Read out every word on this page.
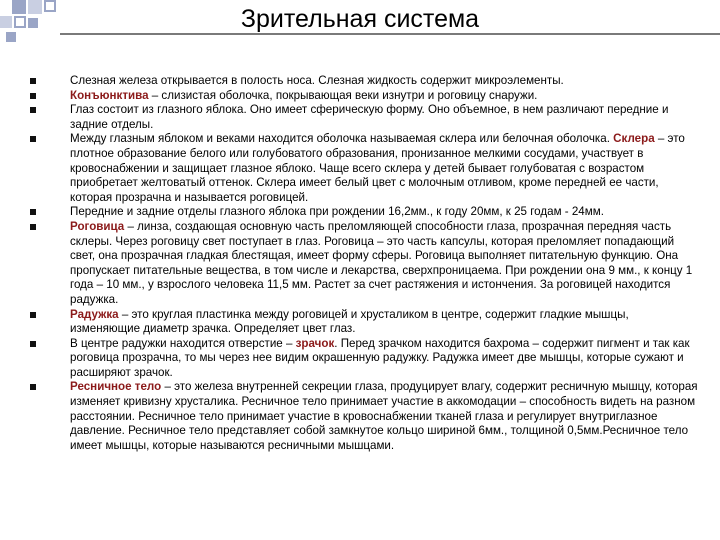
Зрительная система
Слезная железа открывается в полость носа. Слезная жидкость содержит микроэлементы.
Конъюнктива – слизистая оболочка, покрывающая веки изнутри и роговицу снаружи.
Глаз состоит из глазного яблока. Оно имеет сферическую форму. Оно объемное, в нем различают передние и задние отделы.
Между глазным яблоком и веками находится оболочка называемая склера или белочная оболочка. Склера – это плотное образование белого или голубоватого образования, пронизанное мелкими сосудами, участвует в кровоснабжении и защищает глазное яблоко. Чаще всего склера у детей бывает голубоватая с возрастом приобретает желтоватый оттенок. Склера имеет белый цвет с молочным отливом, кроме передней ее части, которая прозрачна и называется роговицей.
Передние и задние отделы глазного яблока при рождении 16,2мм., к году 20мм, к 25 годам - 24мм.
Роговица – линза, создающая основную часть преломляющей способности глаза, прозрачная передняя часть склеры. Через роговицу свет поступает в глаз. Роговица – это часть капсулы, которая преломляет попадающий свет, она прозрачная гладкая блестящая, имеет форму сферы. Роговица выполняет питательную функцию. Она пропускает питательные вещества, в том числе и лекарства, сверхпроницаема. При рождении она 9 мм., к концу 1 года – 10 мм., у взрослого человека 11,5 мм. Растет за счет растяжения и истончения. За роговицей находится радужка.
Радужка – это круглая пластинка между роговицей и хрусталиком в центре, содержит гладкие мышцы, изменяющие диаметр зрачка. Определяет цвет глаз.
В центре радужки находится отверстие – зрачок. Перед зрачком находится бахрома – содержит пигмент и так как роговица прозрачна, то мы через нее видим окрашенную радужку. Радужка имеет две мышцы, которые сужают и расширяют зрачок.
Ресничное тело – это железа внутренней секреции глаза, продуцирует влагу, содержит ресничную мышцу, которая изменяет кривизну хрусталика. Ресничное тело принимает участие в аккомодации – способность видеть на разном расстоянии. Ресничное тело принимает участие в кровоснабжении тканей глаза и регулирует внутриглазное давление. Ресничное тело представляет собой замкнутое кольцо шириной 6мм., толщиной 0,5мм.Ресничное тело имеет мышцы, которые называются ресничными мышцами.
